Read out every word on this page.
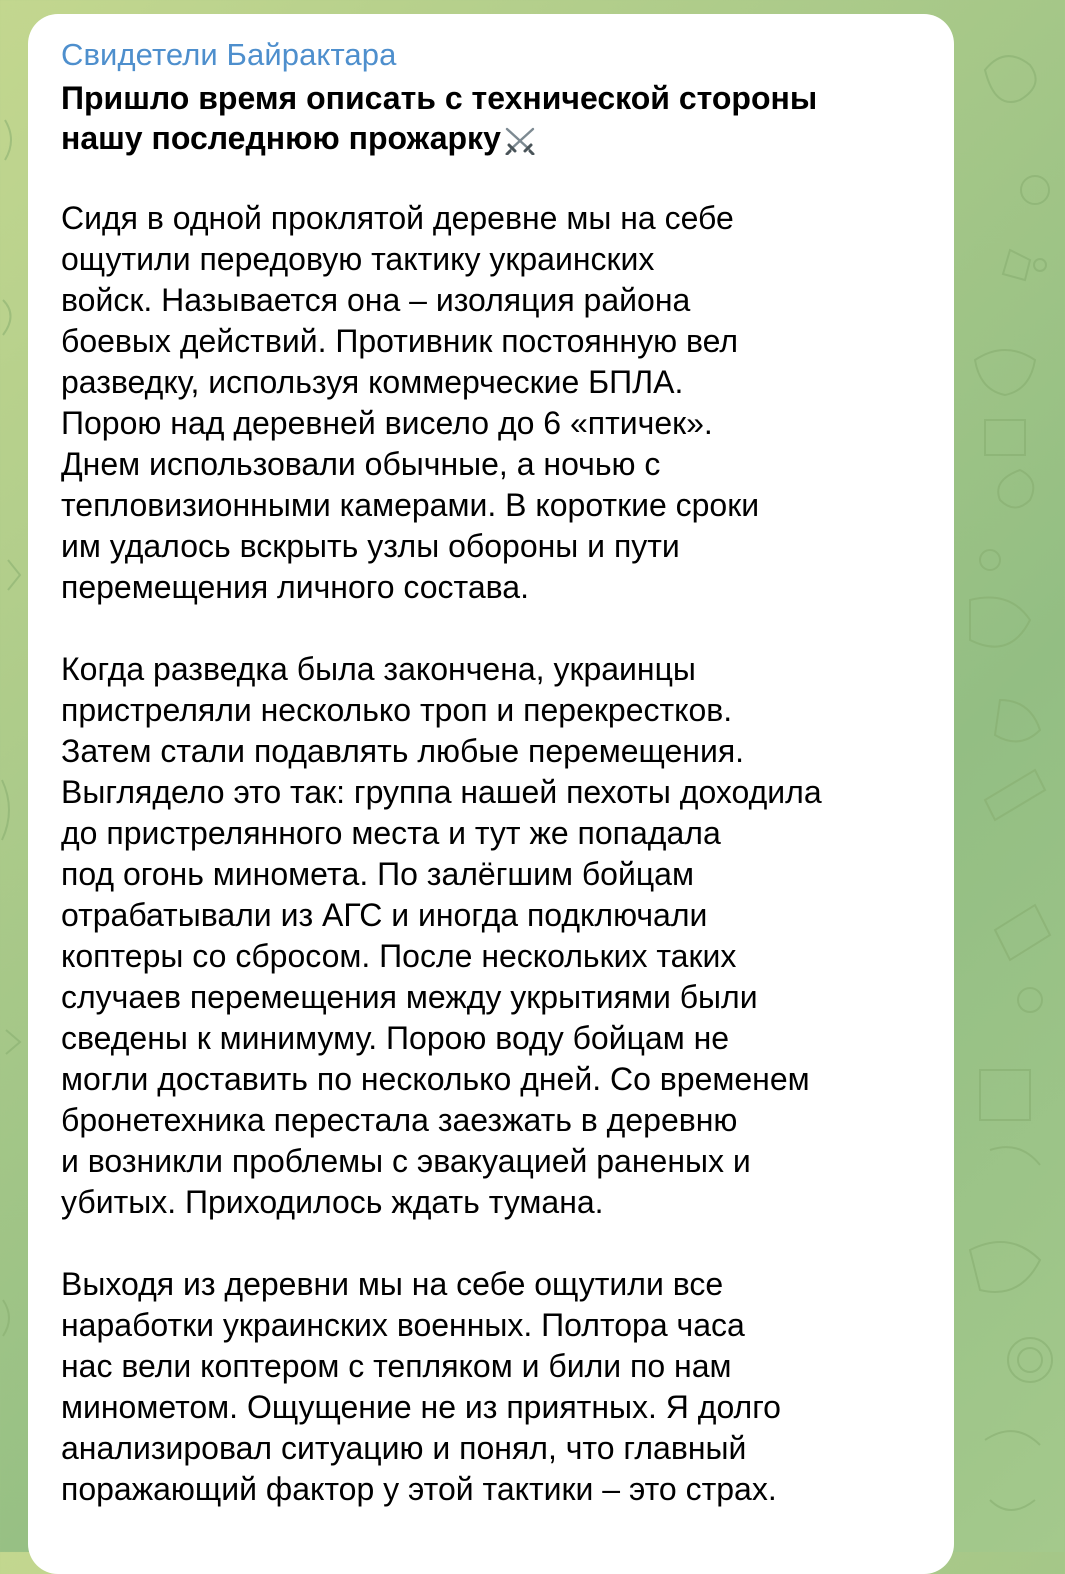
Свидетели Байрактара

Пришло время описать с технической стороны нашу последнюю прожарку

Сидя в одной проклятой деревне мы на себе
ощутили передовую тактику украинских
войск. Называется она – изоляция района
боевых действий. Противник постоянную вел
разведку, используя коммерческие БПЛА.
Порою над деревней висело до 6 «птичек».
Днем использовали обычные, а ночью с
тепловизионными камерами. В короткие сроки
им удалось вскрыть узлы обороны и пути
перемещения личного состава.

Когда разведка была закончена, украинцы
пристреляли несколько троп и перекрестков.
Затем стали подавлять любые перемещения.
Выглядело это так: группа нашей пехоты доходила
до пристрелянного места и тут же попадала
под огонь минометa. По залёгшим бойцам
отрабатывали из АГС и иногда подключали
коптеры со сбросом. После нескольких таких
случаев перемещения между укрытиями были
сведены к минимуму. Порою воду бойцам не
могли доставить по несколько дней. Со временем
бронетехника перестала заезжать в деревню
и возникли проблемы с эвакуацией раненых и
убитых. Приходилось ждать тумана.

Выходя из деревни мы на себе ощутили все
наработки украинских военных. Полтора часа
нас вели коптером с тепляком и били по нам
минометом. Ощущение не из приятных. Я долго
анализировал ситуацию и понял, что главный
поражающий фактор у этой тактики – это страх.
